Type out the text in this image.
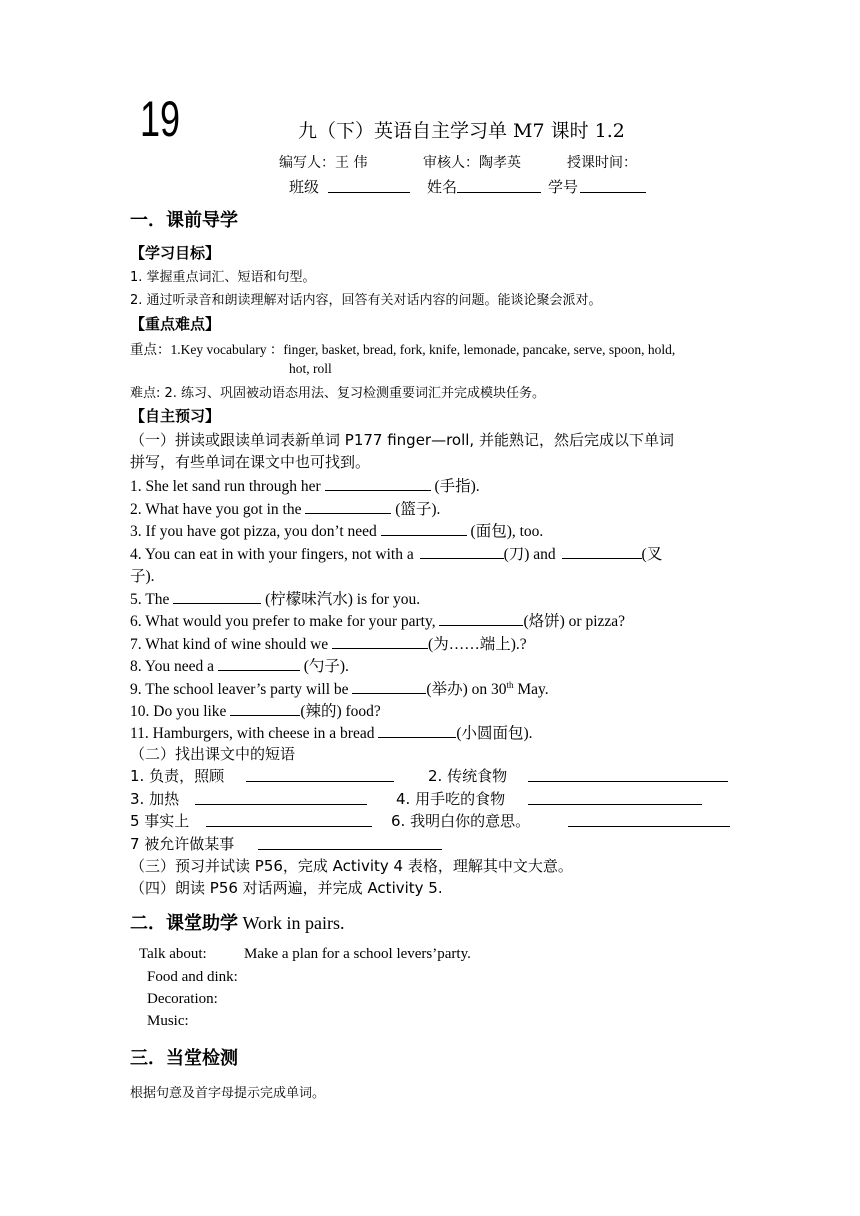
19	九（下）英语自主学习单 M7 课时 1.2
编写人：王 伟	审核人：陶孝英	授课时间：
班级	姓名	学号
一．课前导学
【学习目标】
1. 掌握重点词汇、短语和句型。
2. 通过听录音和朗读理解对话内容，回答有关对话内容的问题。能谈论聚会派对。
【重点难点】
重点：1.Key vocabulary ：finger, basket, bread, fork, knife, lemonade, pancake, serve, spoon, hold,
hot, roll
难点: 2. 练习、巩固被动语态用法、复习检测重要词汇并完成模块任务。
【自主预习】
（一）拼读或跟读单词表新单词 P177 finger—roll, 并能熟记，然后完成以下单词
拼写，有些单词在课文中也可找到。
1. She let sand run through her	(手指).
2. What have you got in the	(篮子).
3. If you have got pizza, you don’t need	(面包), too.
4. You can eat in with your fingers, not with a	(刀) and	(叉
子).
5. The	(柠檬味汽水) is for you.
6. What would you prefer to make for your party,	(烙饼) or pizza?
7. What kind of wine should we	(为……端上).?
8. You need a	(勺子).
9. The school leaver’s party will be	(举办) on 30th May.
10. Do you like	(辣的) food?
11. Hamburgers, with cheese in a bread	(小圆面包).
（二）找出课文中的短语
1. 负责，照顾	2. 传统食物
3. 加热	4. 用手吃的食物
5 事实上	6. 我明白你的意思。
7 被允许做某事
（三）预习并试读 P56，完成 Activity 4 表格，理解其中文大意。
（四）朗读 P56 对话两遍，并完成 Activity 5.
二．课堂助学 Work in pairs.
Talk about: Make a plan for a school levers’party.
Food and dink:
Decoration:
Music:
三．当堂检测
根据句意及首字母提示完成单词。
